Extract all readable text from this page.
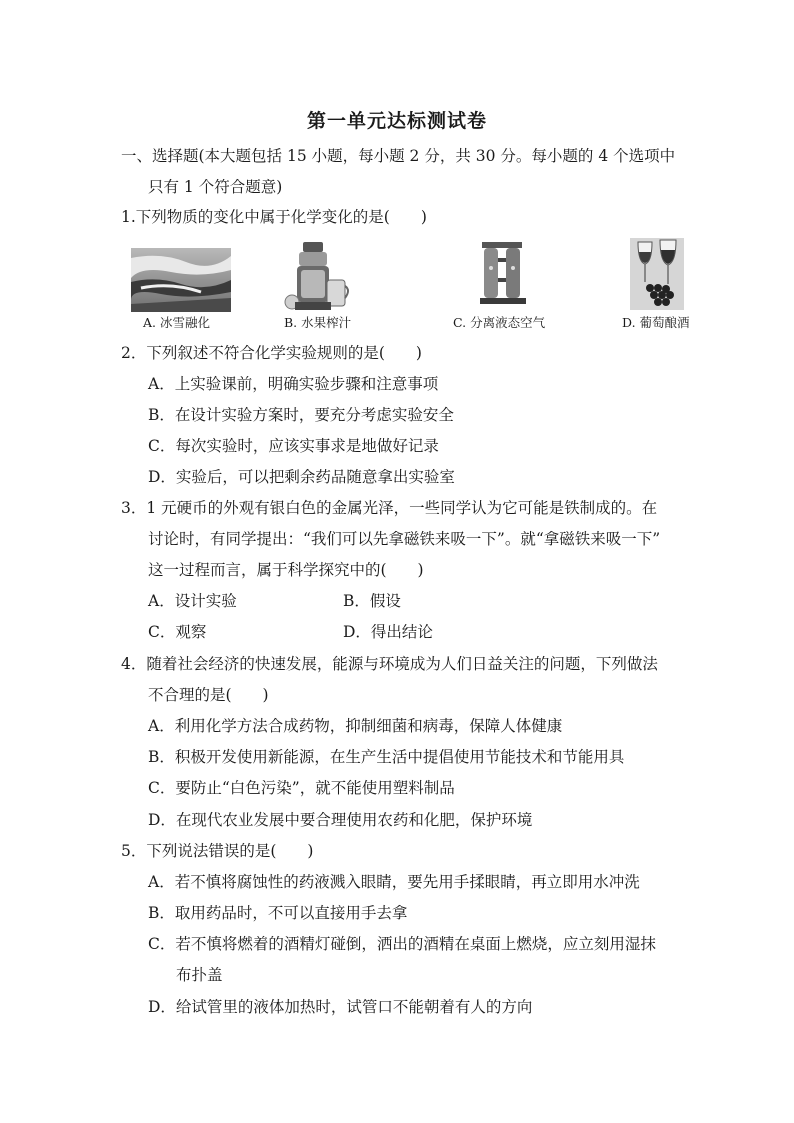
第一单元达标测试卷
一、选择题(本大题包括 15 小题，每小题 2 分，共 30 分。每小题的 4 个选项中
只有 1 个符合题意)
1.下列物质的变化中属于化学变化的是(　　)
A. 冰雪融化	B. 水果榨汁	C. 分离液态空气	D. 葡萄酿酒
2．下列叙述不符合化学实验规则的是(　　)
A．上实验课前，明确实验步骤和注意事项
B．在设计实验方案时，要充分考虑实验安全
C．每次实验时，应该实事求是地做好记录
D．实验后，可以把剩余药品随意拿出实验室
3．1 元硬币的外观有银白色的金属光泽，一些同学认为它可能是铁制成的。在
讨论时，有同学提出：“我们可以先拿磁铁来吸一下”。就“拿磁铁来吸一下”
这一过程而言，属于科学探究中的(　　)
A．设计实验	B．假设
C．观察	D．得出结论
4．随着社会经济的快速发展，能源与环境成为人们日益关注的问题，下列做法
不合理的是(　　)
A．利用化学方法合成药物，抑制细菌和病毒，保障人体健康
B．积极开发使用新能源，在生产生活中提倡使用节能技术和节能用具
C．要防止“白色污染”，就不能使用塑料制品
D．在现代农业发展中要合理使用农药和化肥，保护环境
5．下列说法错误的是(　　)
A．若不慎将腐蚀性的药液溅入眼睛，要先用手揉眼睛，再立即用水冲洗
B．取用药品时，不可以直接用手去拿
C．若不慎将燃着的酒精灯碰倒，洒出的酒精在桌面上燃烧，应立刻用湿抹
布扑盖
D．给试管里的液体加热时，试管口不能朝着有人的方向
